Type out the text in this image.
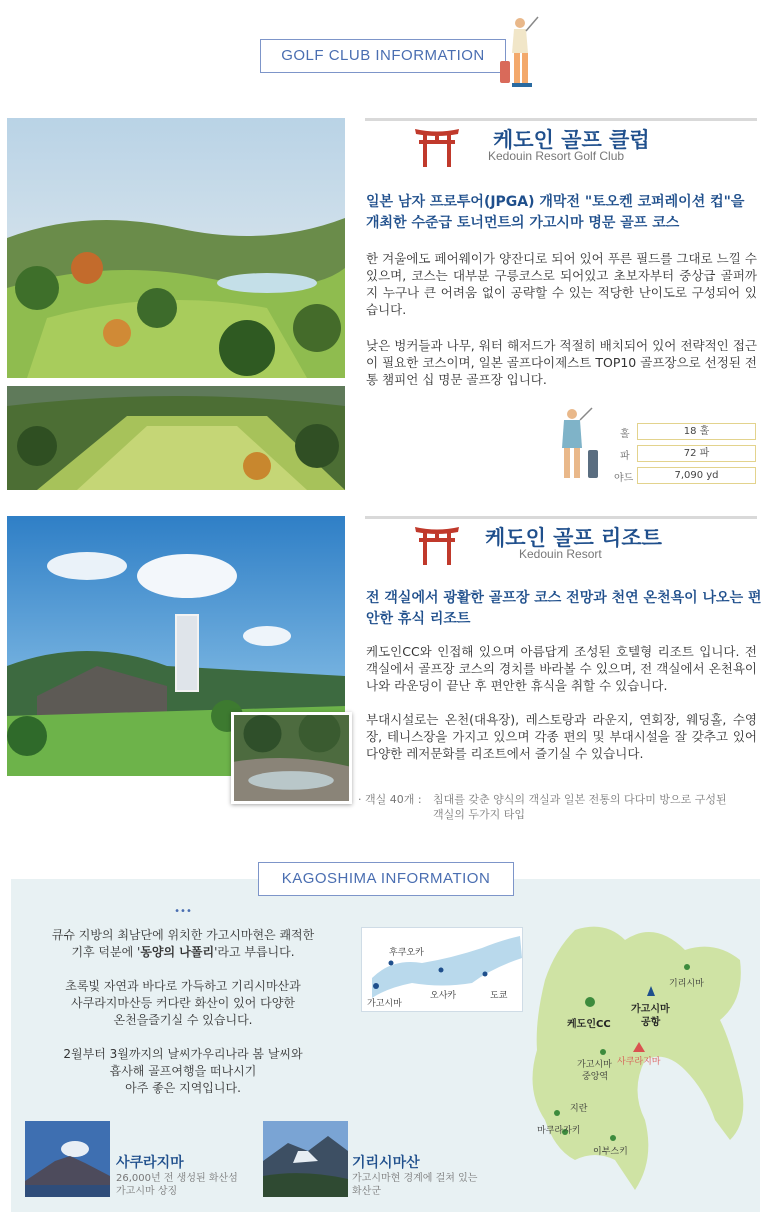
GOLF CLUB INFORMATION
케도인 골프 클럽
Kedouin Resort Golf Club
일본 남자 프로투어(JPGA) 개막전 "토오켄 코퍼레이션 컵"을 개최한 수준급 토너먼트의 가고시마 명문 골프 코스
한 겨울에도 페어웨이가 양잔디로 되어 있어 푸른 필드를 그대로 느낄 수 있으며, 코스는 대부분 구릉코스로 되어있고 초보자부터 중상급 골퍼까지 누구나 큰 어려움 없이 공략할 수 있는 적당한 난이도로 구성되어 있습니다.
낮은 벙커들과 나무, 워터 해저드가 적절히 배치되어 있어 전략적인 접근이 필요한 코스이며, 일본 골프다이제스트 TOP10 골프장으로 선정된 전통 챔피언 십 명문 골프장 입니다.
홀	18 홀
파	72 파
야드	7,090 yd
케도인 골프 리조트
Kedouin Resort
전 객실에서 광활한 골프장 코스 전망과 천연 온천욕이 나오는 편안한 휴식 리조트
케도인CC와 인접해 있으며 아름답게 조성된 호텔형 리조트 입니다. 전 객실에서 골프장 코스의 경치를 바라볼 수 있으며, 전 객실에서 온천욕이 나와 라운딩이 끝난 후 편안한 휴식을 취할 수 있습니다.
부대시설로는 온천(대욕장), 레스토랑과 라운지, 연회장, 웨딩홀, 수영장, 테니스장을 가지고 있으며 각종 편의 및 부대시설을 잘 갖추고 있어 다양한 레저문화를 리조트에서 즐기실 수 있습니다.
· 객실 40개 : 침대를 갖춘 양식의 객실과 일본 전통의 다다미 방으로 구성된
객실의 두가지 타입
KAGOSHIMA INFORMATION
•••
큐슈 지방의 최남단에 위치한 가고시마현은 쾌적한
기후 덕분에 '동양의 나폴리'라고 부릅니다.
초록빛 자연과 바다로 가득하고 기리시마산과
사쿠라지마산등 커다란 화산이 있어 다양한
온천을즐기실 수 있습니다.
2월부터 3월까지의 날씨가우리나라 봄 날씨와
흡사해 골프여행을 떠나시기
아주 좋은 지역입니다.
후쿠오카
가고시마
오사카	도쿄
기리시마
가고시마
공항
케도인CC
가고시마
중앙역
사쿠라지마
지란
마쿠라자키
이부스키
사쿠라지마
26,000년 전 생성된 화산섬
가고시마 상징
기리시마산
가고시마현 경계에 걸쳐 있는
화산군
